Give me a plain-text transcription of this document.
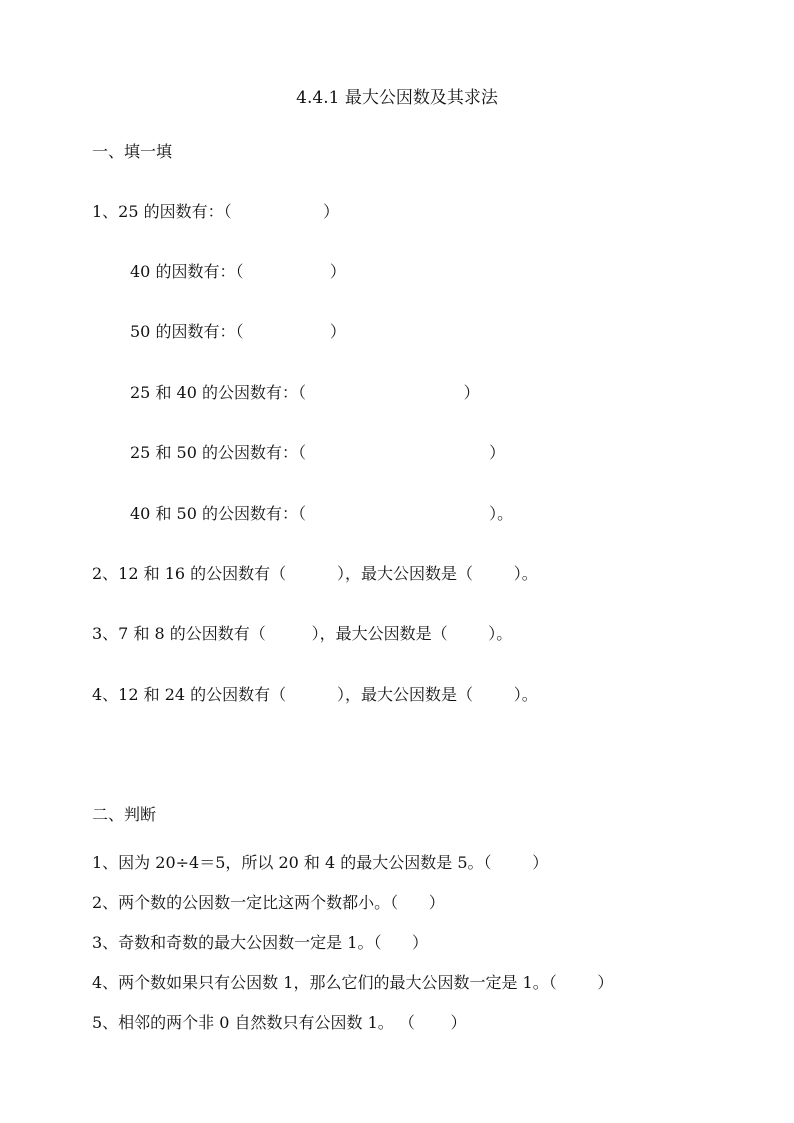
4.4.1 最大公因数及其求法
一、填一填
1、25 的因数有：（                  ）
40 的因数有：（                 ）
50 的因数有：（                 ）
25 和 40 的公因数有：（                               ）
25 和 50 的公因数有：（                                    ）
40 和 50 的公因数有：（                                    ）。
2、12 和 16 的公因数有（          ），最大公因数是（        ）。
3、7 和 8 的公因数有（         ），最大公因数是（        ）。
4、12 和 24 的公因数有（          ），最大公因数是（        ）。
二、判断
1、因为 20÷4＝5，所以 20 和 4 的最大公因数是 5。（        ）
2、两个数的公因数一定比这两个数都小。（      ）
3、奇数和奇数的最大公因数一定是 1。（      ）
4、两个数如果只有公因数 1，那么它们的最大公因数一定是 1。（        ）
5、相邻的两个非 0 自然数只有公因数 1。 （       ）
